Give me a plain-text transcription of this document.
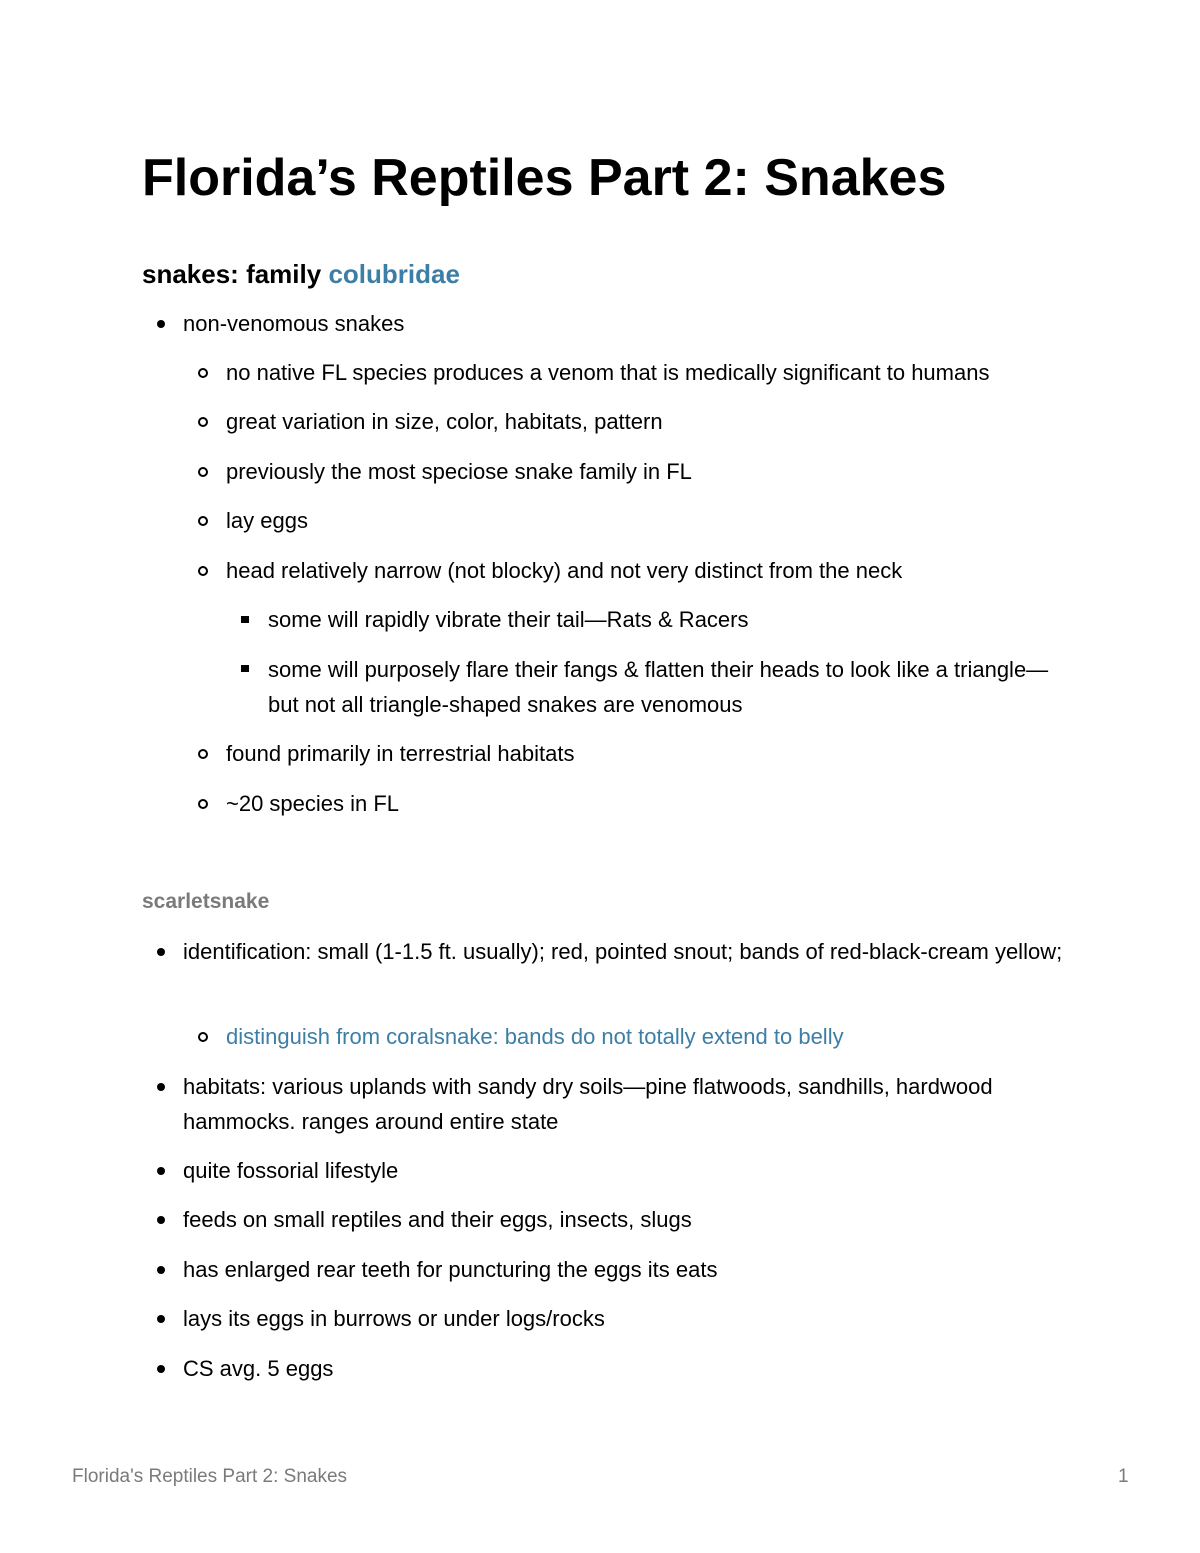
Florida’s Reptiles Part 2: Snakes
snakes: family colubridae

non-venomous snakes

no native FL species produces a venom that is medically significant to humans

great variation in size, color, habitats, pattern

previously the most speciose snake family in FL

lay eggs

head relatively narrow (not blocky) and not very distinct from the neck

some will rapidly vibrate their tail—Rats & Racers

some will purposely flare their fangs & flatten their heads to look like a triangle— but not all triangle-shaped snakes are venomous

found primarily in terrestrial habitats

~20 species in FL

scarletsnake

identification: small (1-1.5 ft. usually); red, pointed snout; bands of red-black-cream yellow;

distinguish from coralsnake: bands do not totally extend to belly

habitats: various uplands with sandy dry soils—pine flatwoods, sandhills, hardwood hammocks. ranges around entire state

quite fossorial lifestyle

feeds on small reptiles and their eggs, insects, slugs

has enlarged rear teeth for puncturing the eggs its eats

lays its eggs in burrows or under logs/rocks

CS avg. 5 eggs

Florida's Reptiles Part 2: Snakes	1
